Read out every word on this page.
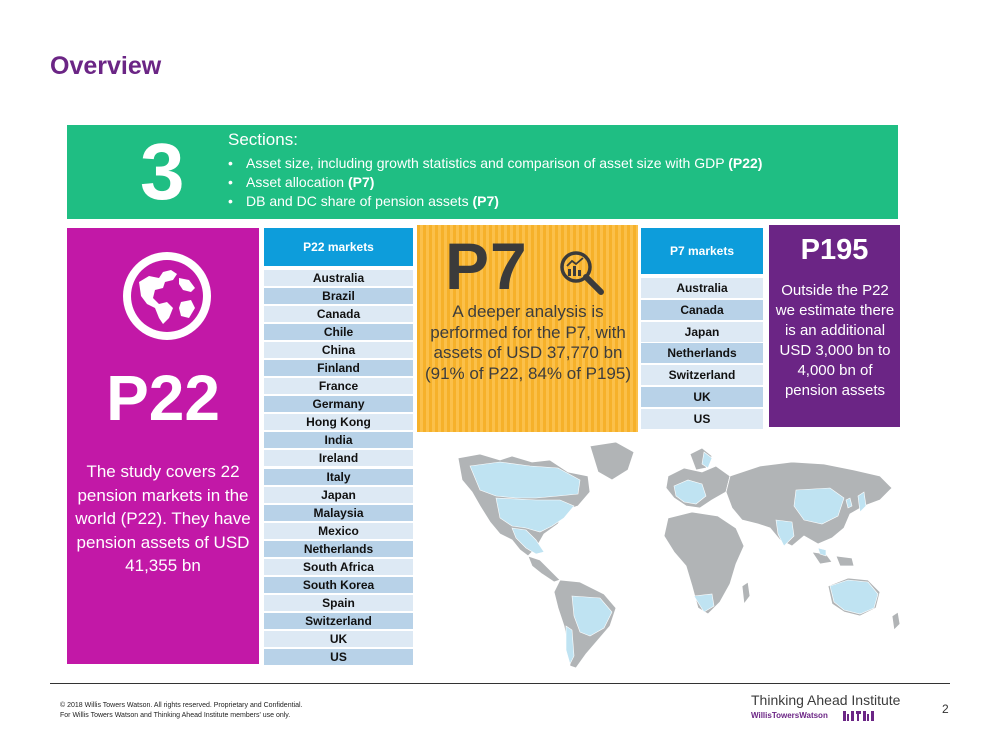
Overview
3	Sections:
• Asset size, including growth statistics and comparison of asset size with GDP (P22)
• Asset allocation (P7)
• DB and DC share of pension assets (P7)
P22
The study covers 22 pension markets in the world (P22). They have pension assets of USD 41,355 bn
P22 markets
Australia
Brazil
Canada
Chile
China
Finland
France
Germany
Hong Kong
India
Ireland
Italy
Japan
Malaysia
Mexico
Netherlands
South Africa
South Korea
Spain
Switzerland
UK
US
P7
A deeper analysis is performed for the P7, with assets of USD 37,770 bn (91% of P22, 84% of P195)
P7 markets
Australia
Canada
Japan
Netherlands
Switzerland
UK
US
P195
Outside the P22 we estimate there is an additional USD 3,000 bn to 4,000 bn of pension assets
© 2018 Willis Towers Watson. All rights reserved. Proprietary and Confidential.
For Willis Towers Watson and Thinking Ahead Institute members' use only.
Thinking Ahead Institute
WillisTowersWatson	2
